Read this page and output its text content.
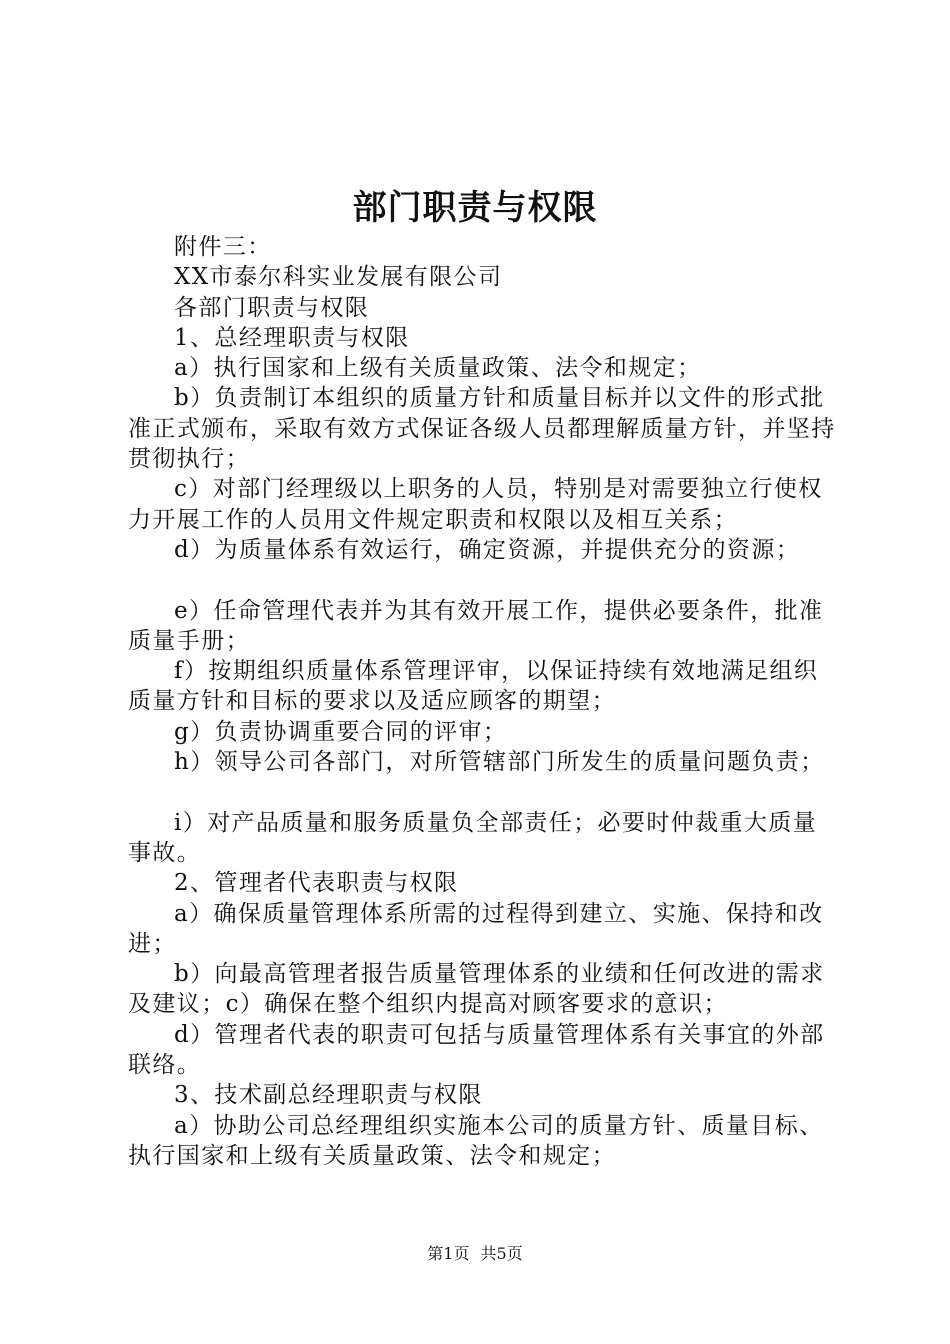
部门职责与权限

附件三：

XX市泰尔科实业发展有限公司

各部门职责与权限

1、总经理职责与权限

a）执行国家和上级有关质量政策、法令和规定；

b）负责制订本组织的质量方针和质量目标并以文件的形式批准正式颁布，采取有效方式保证各级人员都理解质量方针，并坚持贯彻执行；

c）对部门经理级以上职务的人员，特别是对需要独立行使权力开展工作的人员用文件规定职责和权限以及相互关系；

d）为质量体系有效运行，确定资源，并提供充分的资源；

e）任命管理代表并为其有效开展工作，提供必要条件，批准质量手册；

f）按期组织质量体系管理评审，以保证持续有效地满足组织质量方针和目标的要求以及适应顾客的期望；

g）负责协调重要合同的评审；

h）领导公司各部门，对所管辖部门所发生的质量问题负责；

i）对产品质量和服务质量负全部责任；必要时仲裁重大质量事故。

2、管理者代表职责与权限

a）确保质量管理体系所需的过程得到建立、实施、保持和改进；

b）向最高管理者报告质量管理体系的业绩和任何改进的需求及建议；c）确保在整个组织内提高对顾客要求的意识；

d）管理者代表的职责可包括与质量管理体系有关事宜的外部联络。

3、技术副总经理职责与权限

a）协助公司总经理组织实施本公司的质量方针、质量目标、执行国家和上级有关质量政策、法令和规定；

第1页 共5页
